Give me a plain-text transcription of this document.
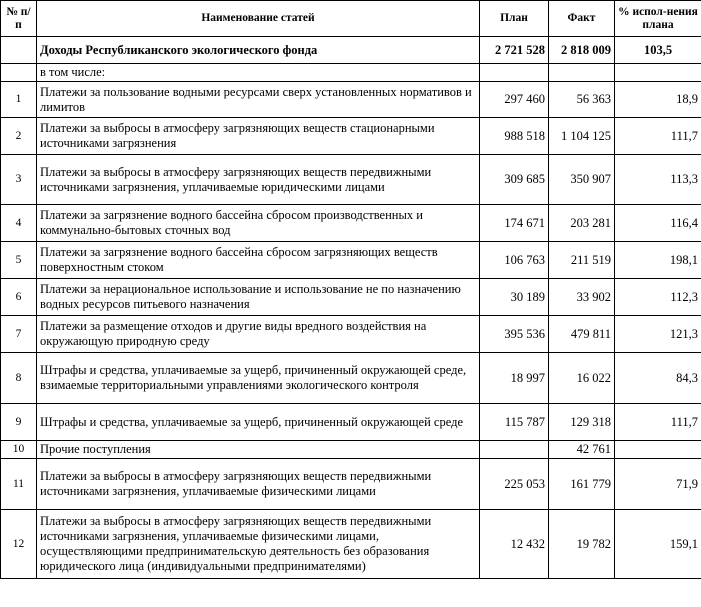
№ п/п	Наименование статей	План	Факт	% испол-нения плана
	Доходы Республиканского экологического фонда	2 721 528	2 818 009	103,5
	в том числе:			
1	Платежи за пользование водными ресурсами сверх установленных нормативов и лимитов	297 460	56 363	18,9
2	Платежи за выбросы в атмосферу загрязняющих веществ стационарными источниками загрязнения	988 518	1 104 125	111,7
3	Платежи за выбросы в атмосферу загрязняющих веществ передвижными источниками загрязнения, уплачиваемые юридическими лицами	309 685	350 907	113,3
4	Платежи за загрязнение водного бассейна сбросом производственных и коммунально-бытовых сточных вод	174 671	203 281	116,4
5	Платежи за загрязнение водного бассейна сбросом загрязняющих веществ поверхностным стоком	106 763	211 519	198,1
6	Платежи за нерациональное использование и использование не по назначению водных ресурсов питьевого назначения	30 189	33 902	112,3
7	Платежи за размещение отходов и другие виды вредного воздействия на окружающую природную среду	395 536	479 811	121,3
8	Штрафы и средства, уплачиваемые за ущерб, причиненный окружающей среде, взимаемые территориальными управлениями экологического контроля	18 997	16 022	84,3
9	Штрафы и средства, уплачиваемые за ущерб, причиненный окружающей среде	115 787	129 318	111,7
10	Прочие поступления		42 761	
11	Платежи за выбросы в атмосферу загрязняющих веществ передвижными источниками загрязнения, уплачиваемые физическими лицами	225 053	161 779	71,9
12	Платежи за выбросы в атмосферу загрязняющих веществ передвижными источниками загрязнения, уплачиваемые физическими лицами, осуществляющими предпринимательскую деятельность без образования юридического лица (индивидуальными предпринимателями)	12 432	19 782	159,1
